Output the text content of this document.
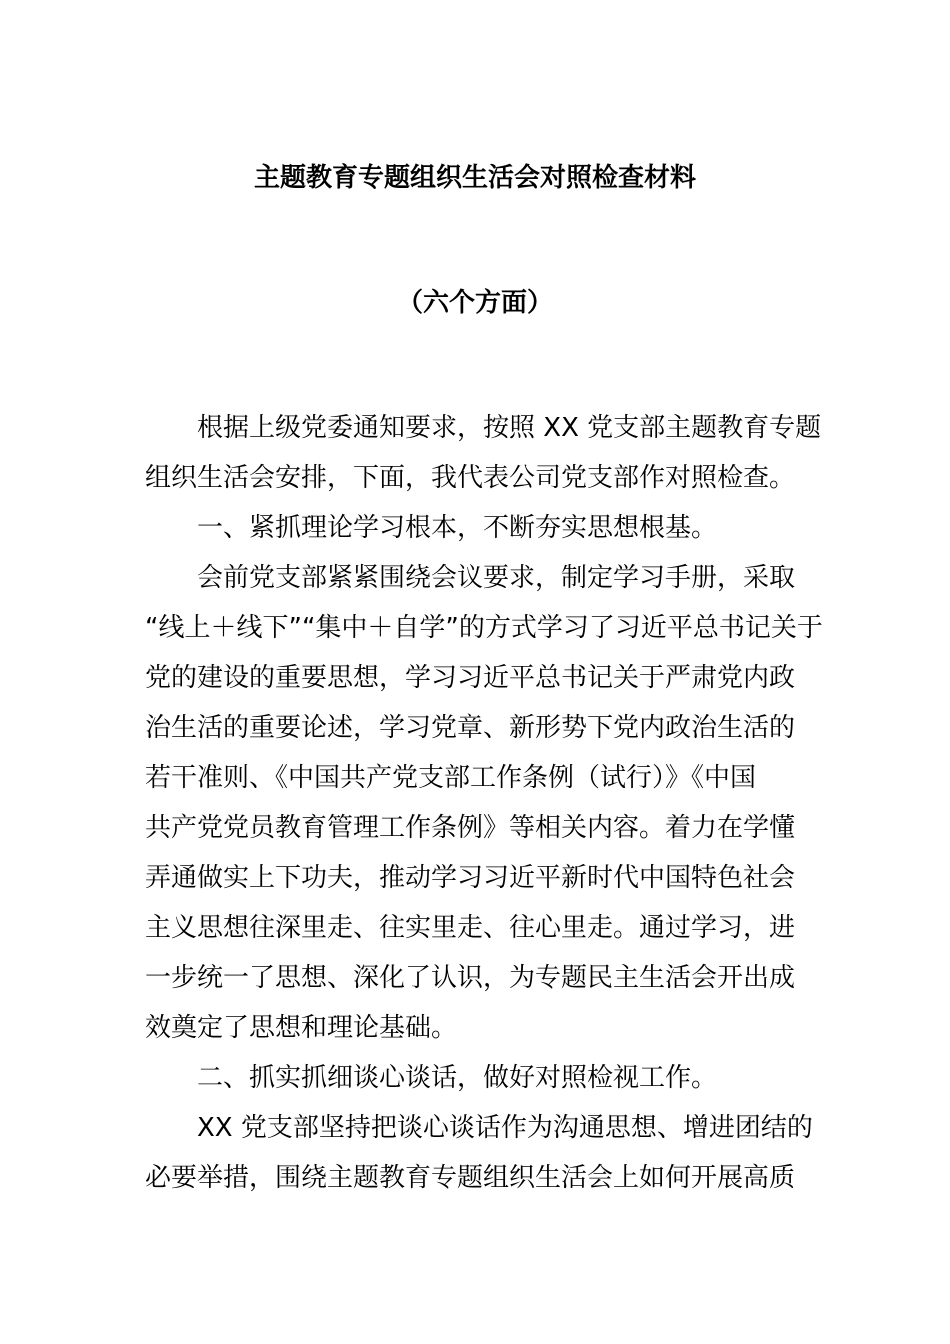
主题教育专题组织生活会对照检查材料
（六个方面）
根据上级党委通知要求，按照 XX 党支部主题教育专题
组织生活会安排，下面，我代表公司党支部作对照检查。
一、紧抓理论学习根本，不断夯实思想根基。
会前党支部紧紧围绕会议要求，制定学习手册，采取
“线上＋线下”“集中＋自学”的方式学习了习近平总书记关于
党的建设的重要思想，学习习近平总书记关于严肃党内政
治生活的重要论述，学习党章、新形势下党内政治生活的
若干准则、《中国共产党支部工作条例（试行）》《中国
共产党党员教育管理工作条例》等相关内容。着力在学懂
弄通做实上下功夫，推动学习习近平新时代中国特色社会
主义思想往深里走、往实里走、往心里走。通过学习，进
一步统一了思想、深化了认识，为专题民主生活会开出成
效奠定了思想和理论基础。
二、抓实抓细谈心谈话，做好对照检视工作。
XX 党支部坚持把谈心谈话作为沟通思想、增进团结的
必要举措，围绕主题教育专题组织生活会上如何开展高质
